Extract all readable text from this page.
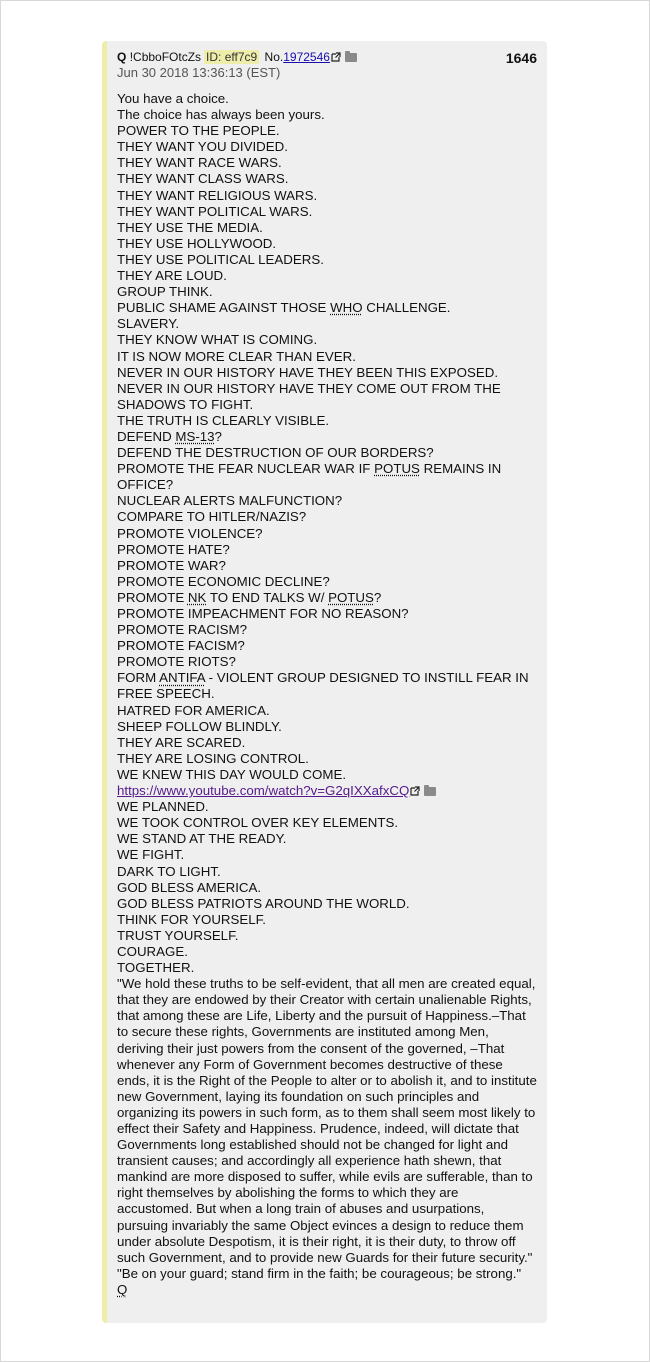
Q !CbboFOtcZs ID: eff7c9 No.1972546	1646
Jun 30 2018 13:36:13 (EST)
You have a choice.
The choice has always been yours.
POWER TO THE PEOPLE.
THEY WANT YOU DIVIDED.
THEY WANT RACE WARS.
THEY WANT CLASS WARS.
THEY WANT RELIGIOUS WARS.
THEY WANT POLITICAL WARS.
THEY USE THE MEDIA.
THEY USE HOLLYWOOD.
THEY USE POLITICAL LEADERS.
THEY ARE LOUD.
GROUP THINK.
PUBLIC SHAME AGAINST THOSE WHO CHALLENGE.
SLAVERY.
THEY KNOW WHAT IS COMING.
IT IS NOW MORE CLEAR THAN EVER.
NEVER IN OUR HISTORY HAVE THEY BEEN THIS EXPOSED.
NEVER IN OUR HISTORY HAVE THEY COME OUT FROM THE SHADOWS TO FIGHT.
THE TRUTH IS CLEARLY VISIBLE.
DEFEND MS-13?
DEFEND THE DESTRUCTION OF OUR BORDERS?
PROMOTE THE FEAR NUCLEAR WAR IF POTUS REMAINS IN OFFICE?
NUCLEAR ALERTS MALFUNCTION?
COMPARE TO HITLER/NAZIS?
PROMOTE VIOLENCE?
PROMOTE HATE?
PROMOTE WAR?
PROMOTE ECONOMIC DECLINE?
PROMOTE NK TO END TALKS W/ POTUS?
PROMOTE IMPEACHMENT FOR NO REASON?
PROMOTE RACISM?
PROMOTE FACISM?
PROMOTE RIOTS?
FORM ANTIFA - VIOLENT GROUP DESIGNED TO INSTILL FEAR IN FREE SPEECH.
HATRED FOR AMERICA.
SHEEP FOLLOW BLINDLY.
THEY ARE SCARED.
THEY ARE LOSING CONTROL.
WE KNEW THIS DAY WOULD COME.
https://www.youtube.com/watch?v=G2qIXXafxCQ
WE PLANNED.
WE TOOK CONTROL OVER KEY ELEMENTS.
WE STAND AT THE READY.
WE FIGHT.
DARK TO LIGHT.
GOD BLESS AMERICA.
GOD BLESS PATRIOTS AROUND THE WORLD.
THINK FOR YOURSELF.
TRUST YOURSELF.
COURAGE.
TOGETHER.
"We hold these truths to be self-evident, that all men are created equal, that they are endowed by their Creator with certain unalienable Rights, that among these are Life, Liberty and the pursuit of Happiness.–That to secure these rights, Governments are instituted among Men, deriving their just powers from the consent of the governed, –That whenever any Form of Government becomes destructive of these ends, it is the Right of the People to alter or to abolish it, and to institute new Government, laying its foundation on such principles and organizing its powers in such form, as to them shall seem most likely to effect their Safety and Happiness. Prudence, indeed, will dictate that Governments long established should not be changed for light and transient causes; and accordingly all experience hath shewn, that mankind are more disposed to suffer, while evils are sufferable, than to right themselves by abolishing the forms to which they are accustomed. But when a long train of abuses and usurpations, pursuing invariably the same Object evinces a design to reduce them under absolute Despotism, it is their right, it is their duty, to throw off such Government, and to provide new Guards for their future security."
"Be on your guard; stand firm in the faith; be courageous; be strong."
Q
